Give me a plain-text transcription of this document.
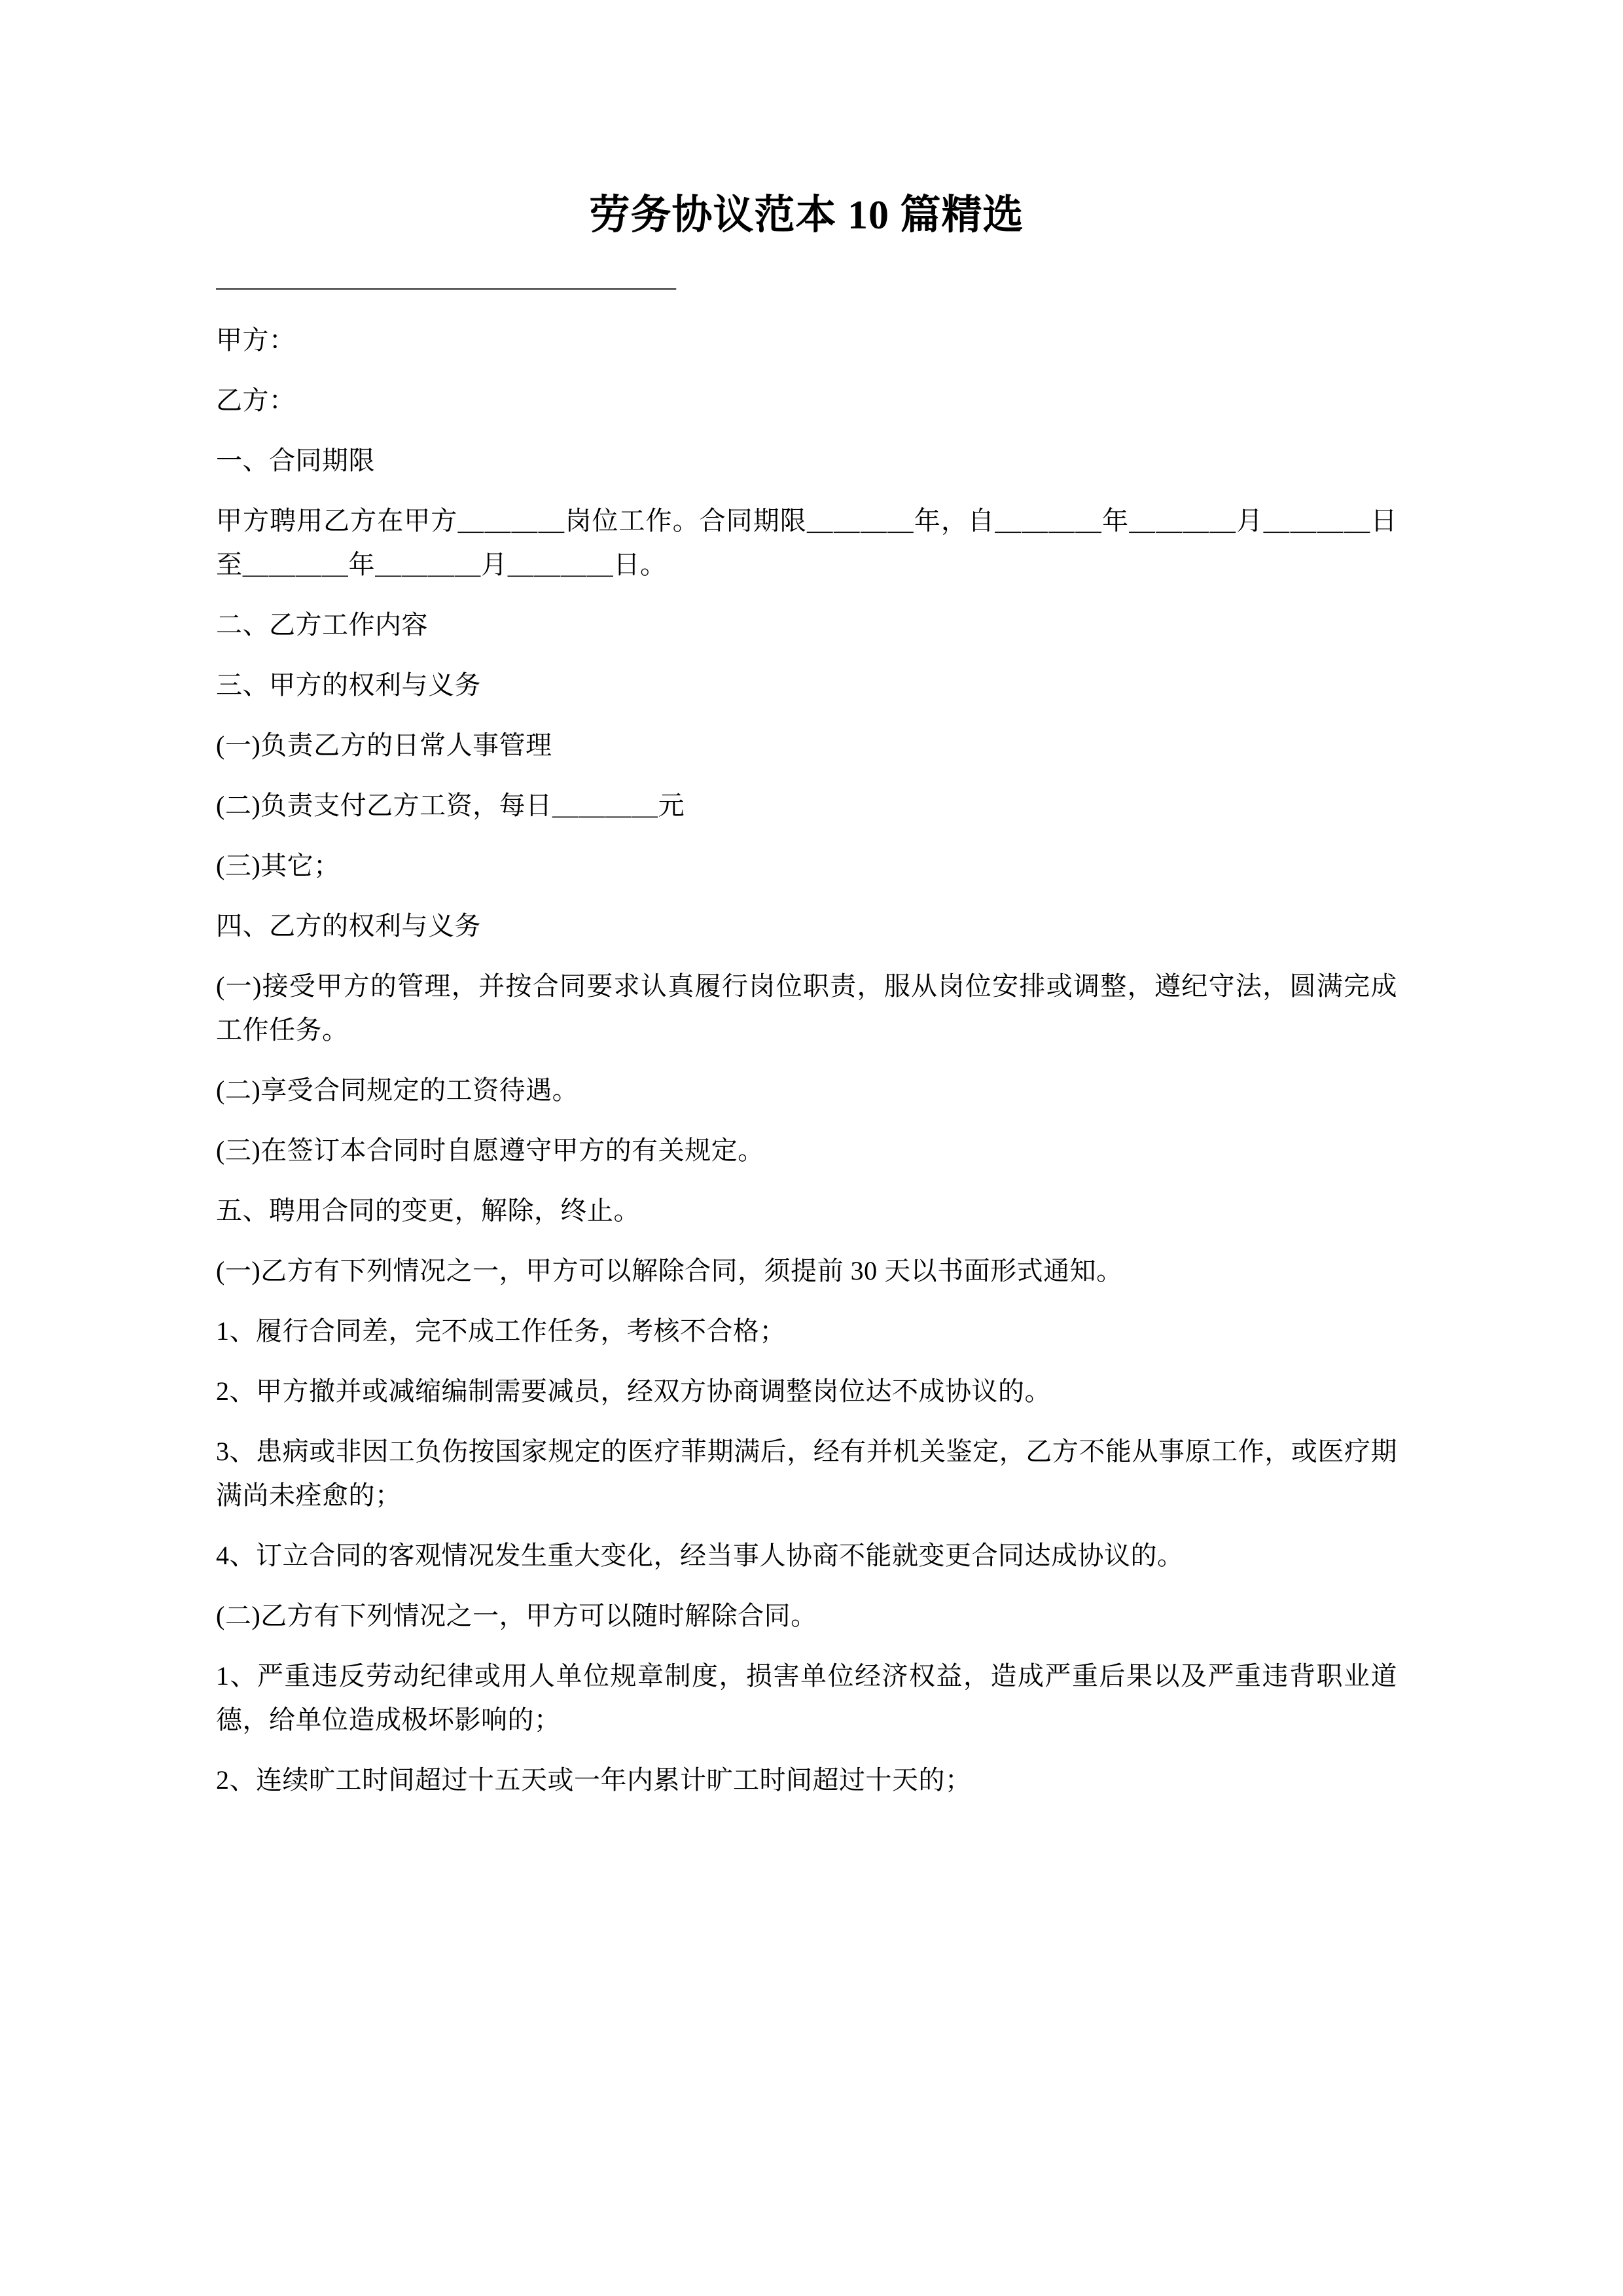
劳务协议范本 10 篇精选
——————————————————

甲方：

乙方：

一、合同期限

甲方聘用乙方在甲方＿＿＿＿岗位工作。合同期限＿＿＿＿年，自＿＿＿＿年＿＿＿＿月＿＿＿＿日至＿＿＿＿年＿＿＿＿月＿＿＿＿日。

二、乙方工作内容

三、甲方的权利与义务

(一)负责乙方的日常人事管理

(二)负责支付乙方工资，每日＿＿＿＿元

(三)其它；

四、乙方的权利与义务

(一)接受甲方的管理，并按合同要求认真履行岗位职责，服从岗位安排或调整，遵纪守法，圆满完成工作任务。

(二)享受合同规定的工资待遇。

(三)在签订本合同时自愿遵守甲方的有关规定。

五、聘用合同的变更，解除，终止。

(一)乙方有下列情况之一，甲方可以解除合同，须提前 30 天以书面形式通知。

1、履行合同差，完不成工作任务，考核不合格；

2、甲方撤并或减缩编制需要减员，经双方协商调整岗位达不成协议的。

3、患病或非因工负伤按国家规定的医疗菲期满后，经有并机关鉴定，乙方不能从事原工作，或医疗期满尚未痊愈的；

4、订立合同的客观情况发生重大变化，经当事人协商不能就变更合同达成协议的。

(二)乙方有下列情况之一，甲方可以随时解除合同。

1、严重违反劳动纪律或用人单位规章制度，损害单位经济权益，造成严重后果以及严重违背职业道德，给单位造成极坏影响的；

2、连续旷工时间超过十五天或一年内累计旷工时间超过十天的；
